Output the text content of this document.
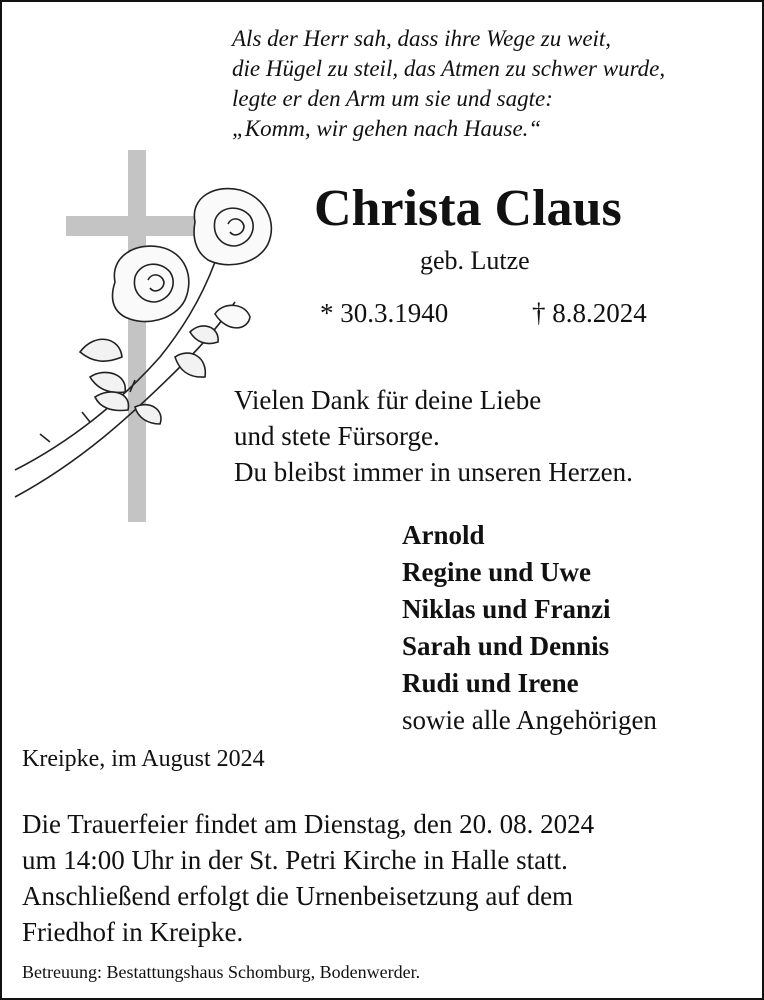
Als der Herr sah, dass ihre Wege zu weit,
die Hügel zu steil, das Atmen zu schwer wurde,
legte er den Arm um sie und sagte:
„Komm, wir gehen nach Hause.“
Christa Claus
geb. Lutze
* 30.3.1940	† 8.8.2024
Vielen Dank für deine Liebe
und stete Fürsorge.
Du bleibst immer in unseren Herzen.
Arnold
Regine und Uwe
Niklas und Franzi
Sarah und Dennis
Rudi und Irene
sowie alle Angehörigen
Kreipke, im August 2024
Die Trauerfeier findet am Dienstag, den 20. 08. 2024
um 14:00 Uhr in der St. Petri Kirche in Halle statt.
Anschließend erfolgt die Urnenbeisetzung auf dem
Friedhof in Kreipke.
Betreuung: Bestattungshaus Schomburg, Bodenwerder.
